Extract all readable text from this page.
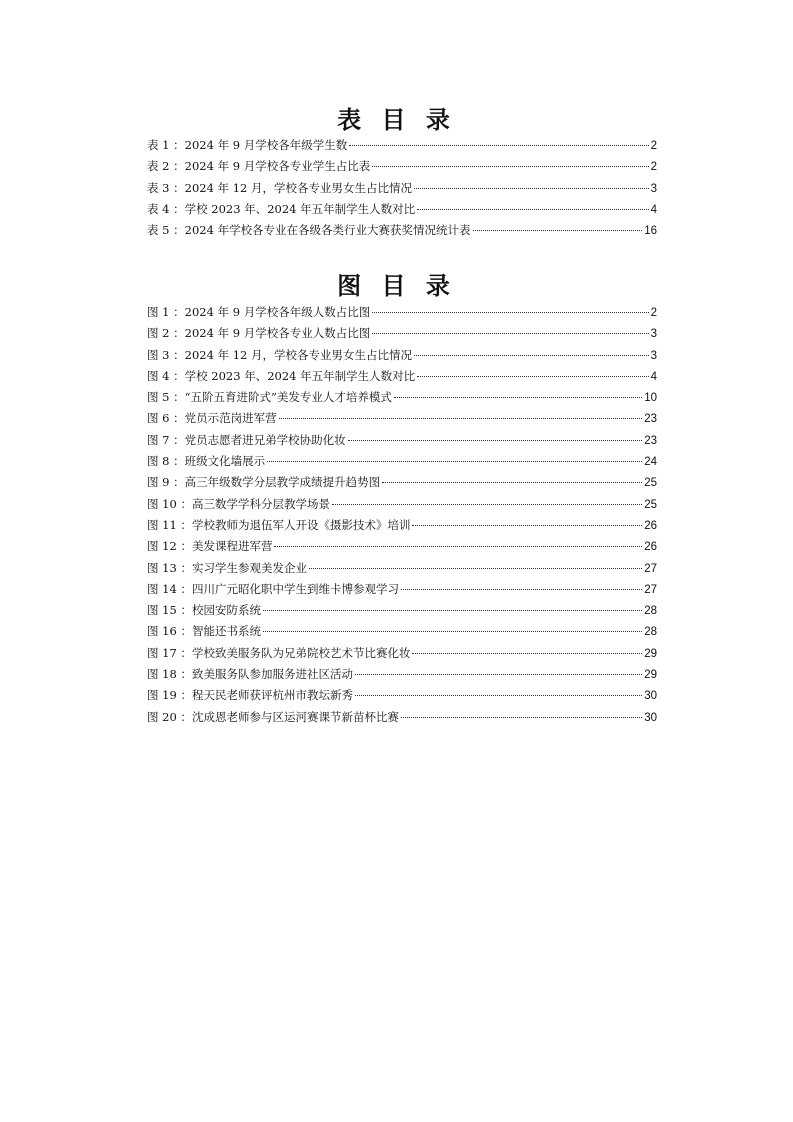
表 目 录
表 1 ： 2024 年 9 月学校各年级学生数	2
表 2 ： 2024 年 9 月学校各专业学生占比表	2
表 3 ： 2024 年 12 月，学校各专业男女生占比情况	3
表 4 ： 学校 2023 年、2024 年五年制学生人数对比	4
表 5 ： 2024 年学校各专业在各级各类行业大赛获奖情况统计表	16
图 目 录
图 1 ： 2024 年 9 月学校各年级人数占比图	2
图 2 ： 2024 年 9 月学校各专业人数占比图	3
图 3 ： 2024 年 12 月，学校各专业男女生占比情况	3
图 4 ： 学校 2023 年、2024 年五年制学生人数对比	4
图 5 ： “五阶五育进阶式”美发专业人才培养模式	10
图 6 ： 党员示范岗进军营	23
图 7 ： 党员志愿者进兄弟学校协助化妆	23
图 8 ： 班级文化墙展示	24
图 9 ： 高三年级数学分层教学成绩提升趋势图	25
图 10 ： 高三数学学科分层教学场景	25
图 11 ： 学校教师为退伍军人开设《摄影技术》培训	26
图 12 ： 美发课程进军营	26
图 13 ： 实习学生参观美发企业	27
图 14 ： 四川广元昭化职中学生到维卡博参观学习	27
图 15 ： 校园安防系统	28
图 16 ： 智能还书系统	28
图 17 ： 学校致美服务队为兄弟院校艺术节比赛化妆	29
图 18 ： 致美服务队参加服务进社区活动	29
图 19 ： 程天民老师获评杭州市教坛新秀	30
图 20 ： 沈成恩老师参与区运河赛课节新苗杯比赛	30
